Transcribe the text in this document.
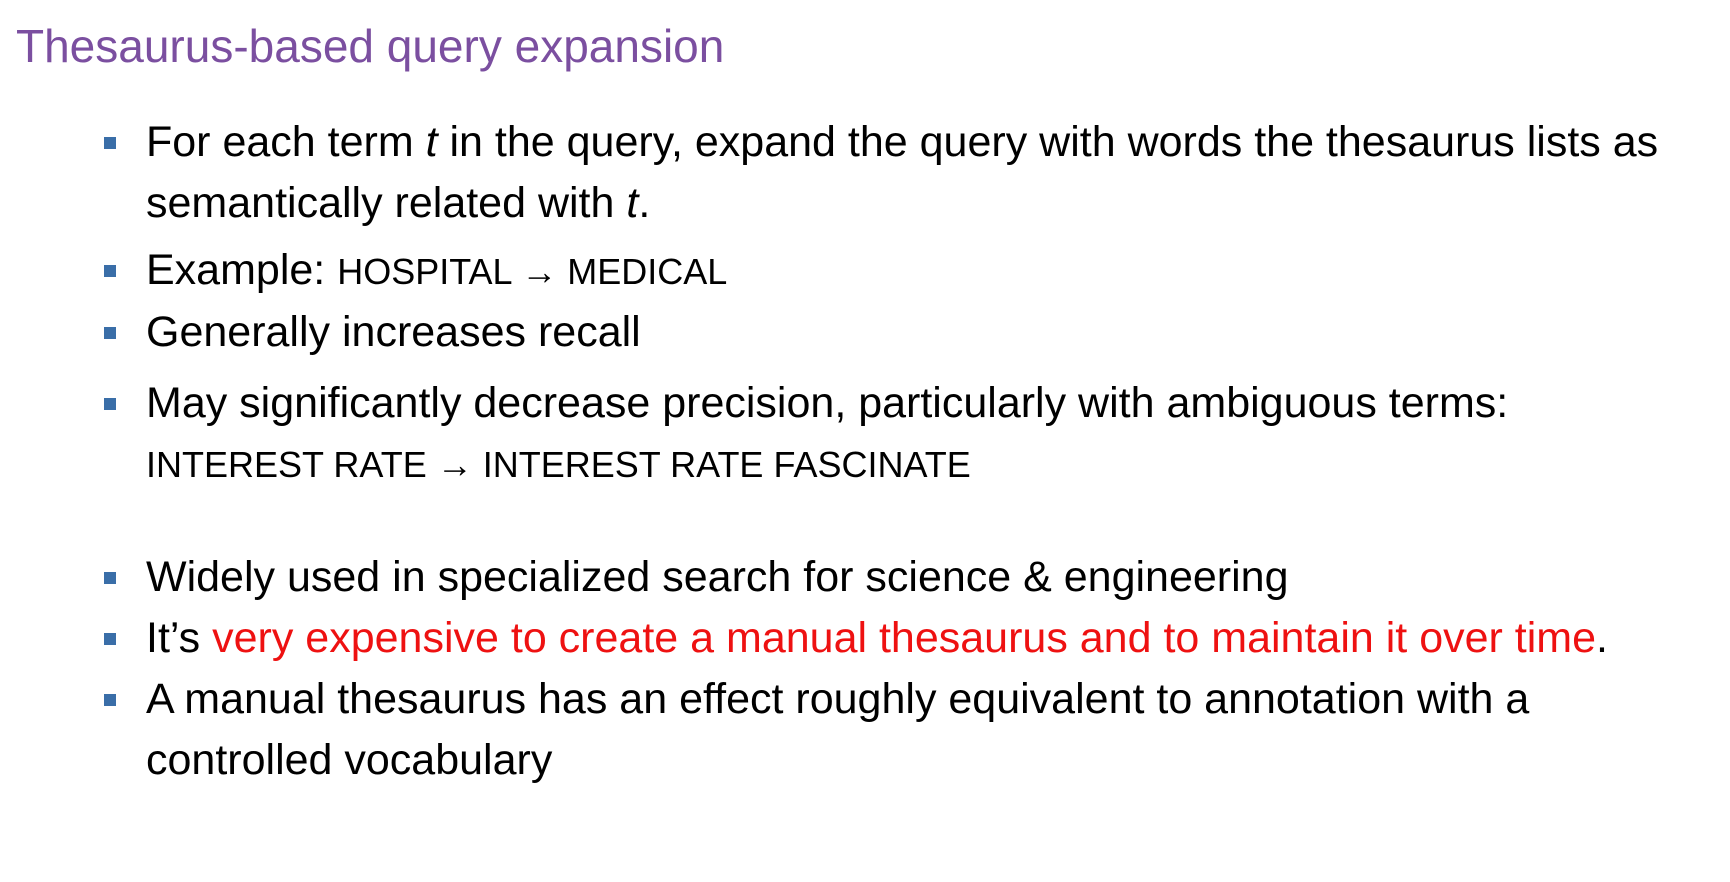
Thesaurus-based query expansion
For each term t in the query, expand the query with words the thesaurus lists as semantically related with t.
Example: HOSPITAL → MEDICAL
Generally increases recall
May significantly decrease precision, particularly with ambiguous terms:
INTEREST RATE → INTEREST RATE FASCINATE
Widely used in specialized search for science & engineering
It’s very expensive to create a manual thesaurus and to maintain it over time.
A manual thesaurus has an effect roughly equivalent to annotation with a controlled vocabulary
